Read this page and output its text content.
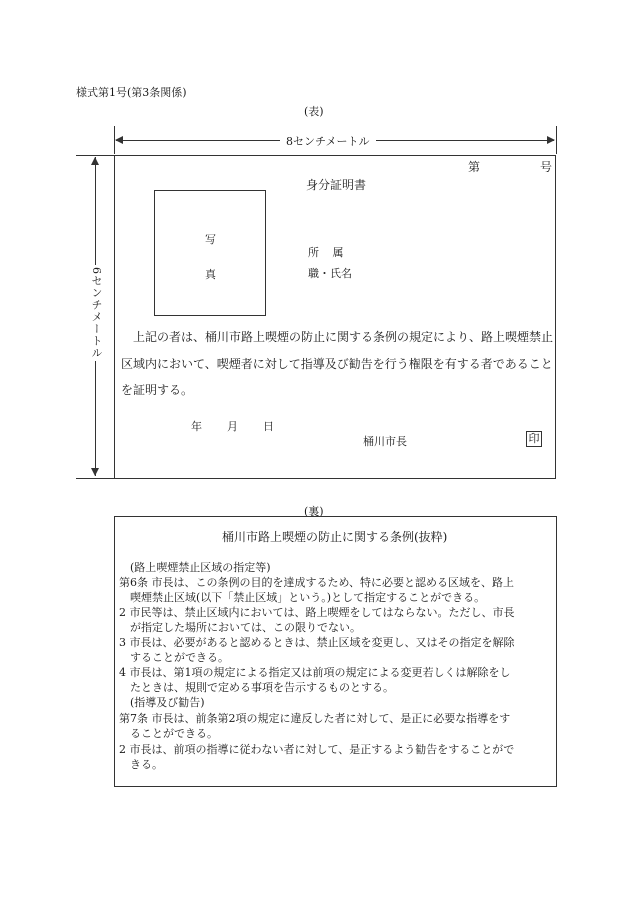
様式第1号(第3条関係)
(表)
8センチメートル
6センチメートル
第	号
身分証明書
写
真
所 属
職・氏名
上記の者は、桶川市路上喫煙の防止に関する条例の規定により、路上喫煙禁止
区域内において、喫煙者に対して指導及び勧告を行う権限を有する者であること
を証明する。
年 月 日
桶川市長	印
(裏)
桶川市路上喫煙の防止に関する条例(抜粋)
(路上喫煙禁止区域の指定等)
第6条 市長は、この条例の目的を達成するため、特に必要と認める区域を、路上
喫煙禁止区域(以下「禁止区域」という。)として指定することができる。
2 市民等は、禁止区域内においては、路上喫煙をしてはならない。ただし、市長
が指定した場所においては、この限りでない。
3 市長は、必要があると認めるときは、禁止区域を変更し、又はその指定を解除
することができる。
4 市長は、第1項の規定による指定又は前項の規定による変更若しくは解除をし
たときは、規則で定める事項を告示するものとする。
(指導及び勧告)
第7条 市長は、前条第2項の規定に違反した者に対して、是正に必要な指導をす
ることができる。
2 市長は、前項の指導に従わない者に対して、是正するよう勧告をすることがで
きる。
